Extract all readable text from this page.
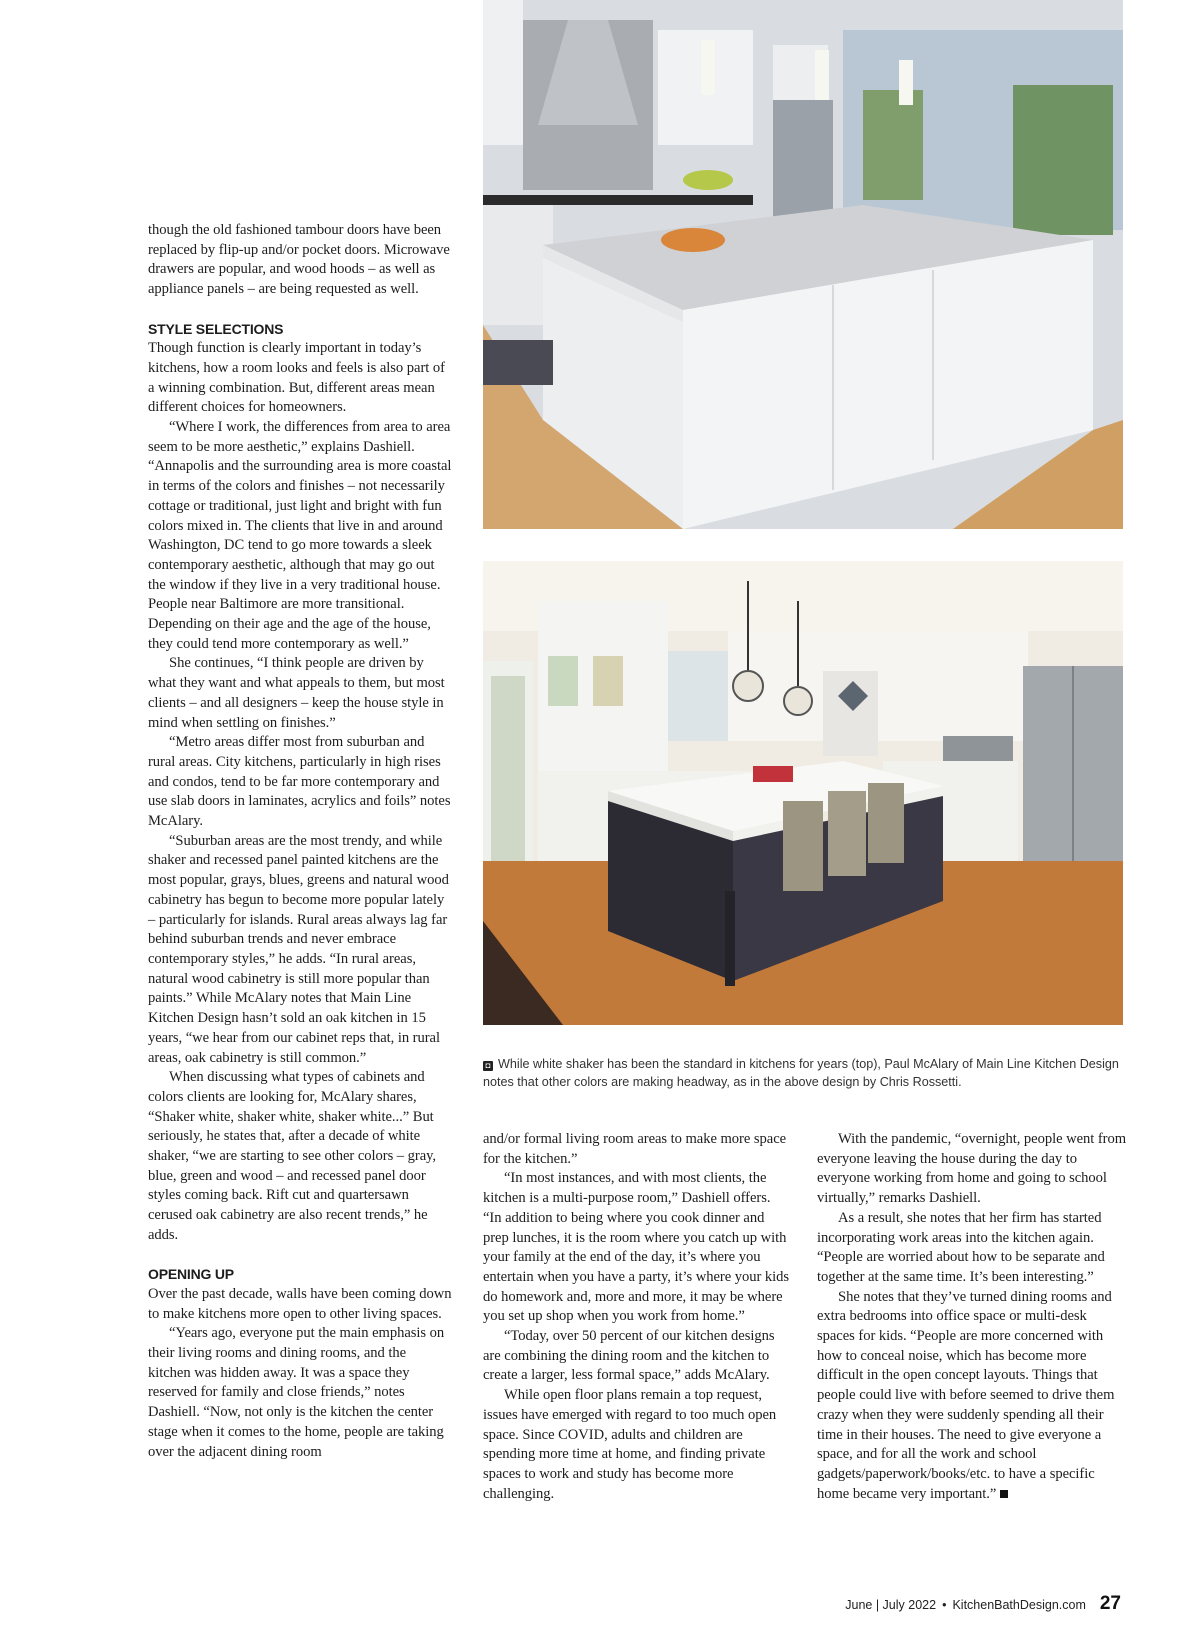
◘ While white shaker has been the standard in kitchens for years (top), Paul McAlary of Main Line Kitchen Design notes that other colors are making headway, as in the above design by Chris Rossetti.

though the old fashioned tambour doors have been replaced by flip-up and/or pocket doors. Microwave drawers are popular, and wood hoods – as well as appliance panels – are being requested as well.

STYLE SELECTIONS

Though function is clearly important in today’s kitchens, how a room looks and feels is also part of a winning combination. But, different areas mean different choices for homeowners.

“Where I work, the differences from area to area seem to be more aesthetic,” explains Dashiell. “Annapolis and the surrounding area is more coastal in terms of the colors and finishes – not necessarily cottage or traditional, just light and bright with fun colors mixed in. The clients that live in and around Washington, DC tend to go more towards a sleek contemporary aesthetic, although that may go out the window if they live in a very traditional house. People near Baltimore are more transitional. Depending on their age and the age of the house, they could tend more contemporary as well.”

She continues, “I think people are driven by what they want and what appeals to them, but most clients – and all designers – keep the house style in mind when settling on finishes.”

“Metro areas differ most from suburban and rural areas. City kitchens, particularly in high rises and condos, tend to be far more contemporary and use slab doors in laminates, acrylics and foils” notes McAlary.

“Suburban areas are the most trendy, and while shaker and recessed panel painted kitchens are the most popular, grays, blues, greens and natural wood cabinetry has begun to become more popular lately – particularly for islands. Rural areas always lag far behind suburban trends and never embrace contemporary styles,” he adds. “In rural areas, natural wood cabinetry is still more popular than paints.” While McAlary notes that Main Line Kitchen Design hasn’t sold an oak kitchen in 15 years, “we hear from our cabinet reps that, in rural areas, oak cabinetry is still common.”

When discussing what types of cabinets and colors clients are looking for, McAlary shares, “Shaker white, shaker white, shaker white...” But seriously, he states that, after a decade of white shaker, “we are starting to see other colors – gray, blue, green and wood – and recessed panel door styles coming back. Rift cut and quartersawn cerused oak cabinetry are also recent trends,” he adds.

OPENING UP

Over the past decade, walls have been coming down to make kitchens more open to other living spaces.

“Years ago, everyone put the main emphasis on their living rooms and dining rooms, and the kitchen was hidden away. It was a space they reserved for family and close friends,” notes Dashiell. “Now, not only is the kitchen the center stage when it comes to the home, people are taking over the adjacent dining room

and/or formal living room areas to make more space for the kitchen.”

“In most instances, and with most clients, the kitchen is a multi-purpose room,” Dashiell offers. “In addition to being where you cook dinner and prep lunches, it is the room where you catch up with your family at the end of the day, it’s where you entertain when you have a party, it’s where your kids do homework and, more and more, it may be where you set up shop when you work from home.”

“Today, over 50 percent of our kitchen designs are combining the dining room and the kitchen to create a larger, less formal space,” adds McAlary.

While open floor plans remain a top request, issues have emerged with regard to too much open space. Since COVID, adults and children are spending more time at home, and finding private spaces to work and study has become more challenging.

With the pandemic, “overnight, people went from everyone leaving the house during the day to everyone working from home and going to school virtually,” remarks Dashiell.

As a result, she notes that her firm has started incorporating work areas into the kitchen again. “People are worried about how to be separate and together at the same time. It’s been interesting.”

She notes that they’ve turned dining rooms and extra bedrooms into office space or multi-desk spaces for kids. “People are more concerned with how to conceal noise, which has become more difficult in the open concept layouts. Things that people could live with before seemed to drive them crazy when they were suddenly spending all their time in their houses. The need to give everyone a space, and for all the work and school gadgets/paperwork/books/etc. to have a specific home became very important.”

June | July 2022 • KitchenBathDesign.com 27
